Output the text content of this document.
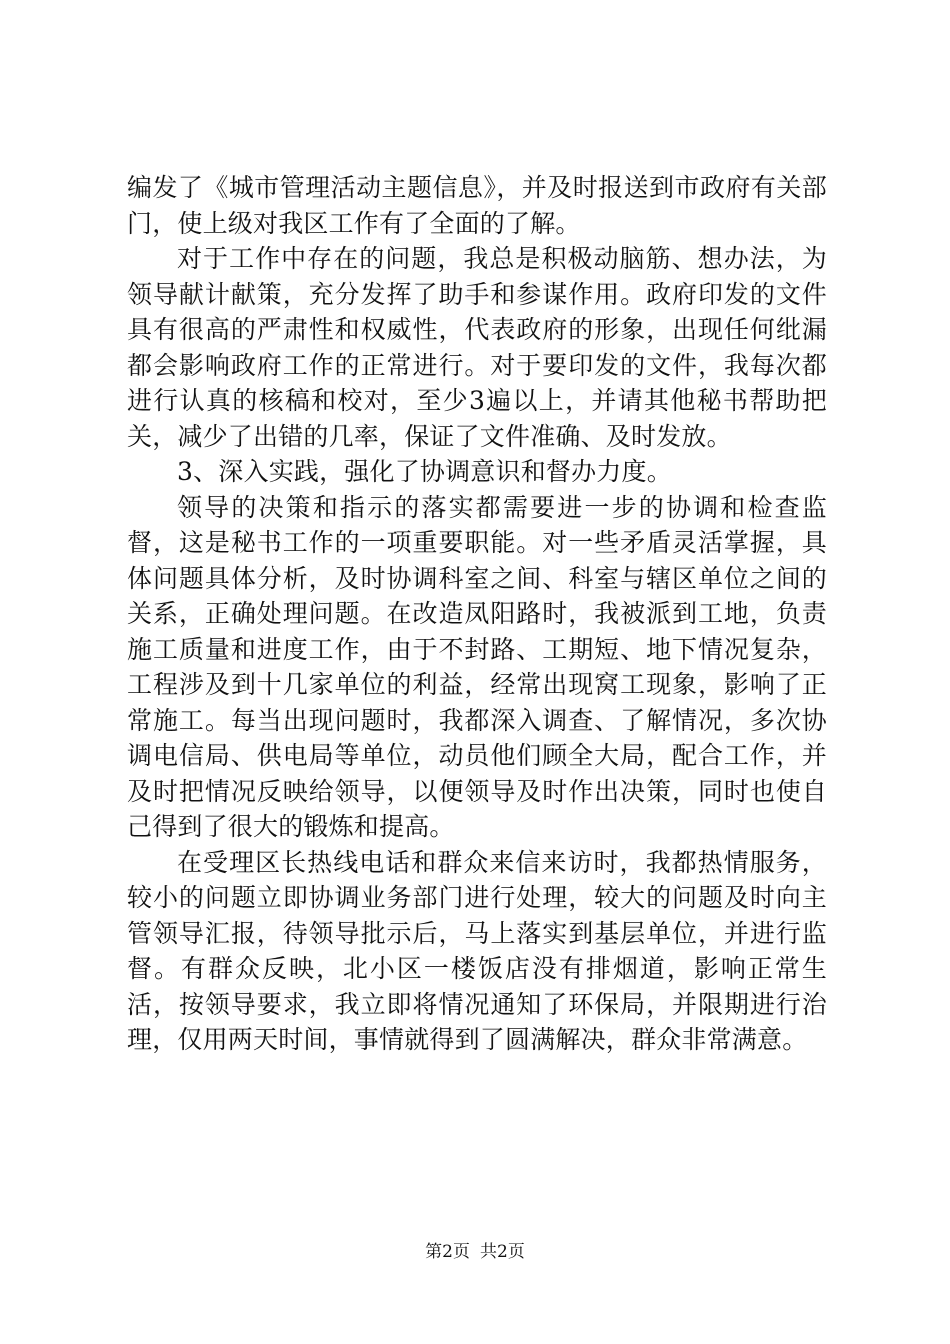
编发了《城市管理活动主题信息》，并及时报送到市政府有关部门，使上级对我区工作有了全面的了解。

对于工作中存在的问题，我总是积极动脑筋、想办法，为领导献计献策，充分发挥了助手和参谋作用。政府印发的文件具有很高的严肃性和权威性，代表政府的形象，出现任何纰漏都会影响政府工作的正常进行。对于要印发的文件，我每次都进行认真的核稿和校对，至少3遍以上，并请其他秘书帮助把关，减少了出错的几率，保证了文件准确、及时发放。

3、深入实践，强化了协调意识和督办力度。

领导的决策和指示的落实都需要进一步的协调和检查监督，这是秘书工作的一项重要职能。对一些矛盾灵活掌握，具体问题具体分析，及时协调科室之间、科室与辖区单位之间的关系，正确处理问题。在改造凤阳路时，我被派到工地，负责施工质量和进度工作，由于不封路、工期短、地下情况复杂，工程涉及到十几家单位的利益，经常出现窝工现象，影响了正常施工。每当出现问题时，我都深入调查、了解情况，多次协调电信局、供电局等单位，动员他们顾全大局，配合工作，并及时把情况反映给领导，以便领导及时作出决策，同时也使自己得到了很大的锻炼和提高。

在受理区长热线电话和群众来信来访时，我都热情服务，较小的问题立即协调业务部门进行处理，较大的问题及时向主管领导汇报，待领导批示后，马上落实到基层单位，并进行监督。有群众反映，北小区一楼饭店没有排烟道，影响正常生活，按领导要求，我立即将情况通知了环保局，并限期进行治理，仅用两天时间，事情就得到了圆满解决，群众非常满意。

第2页 共2页
